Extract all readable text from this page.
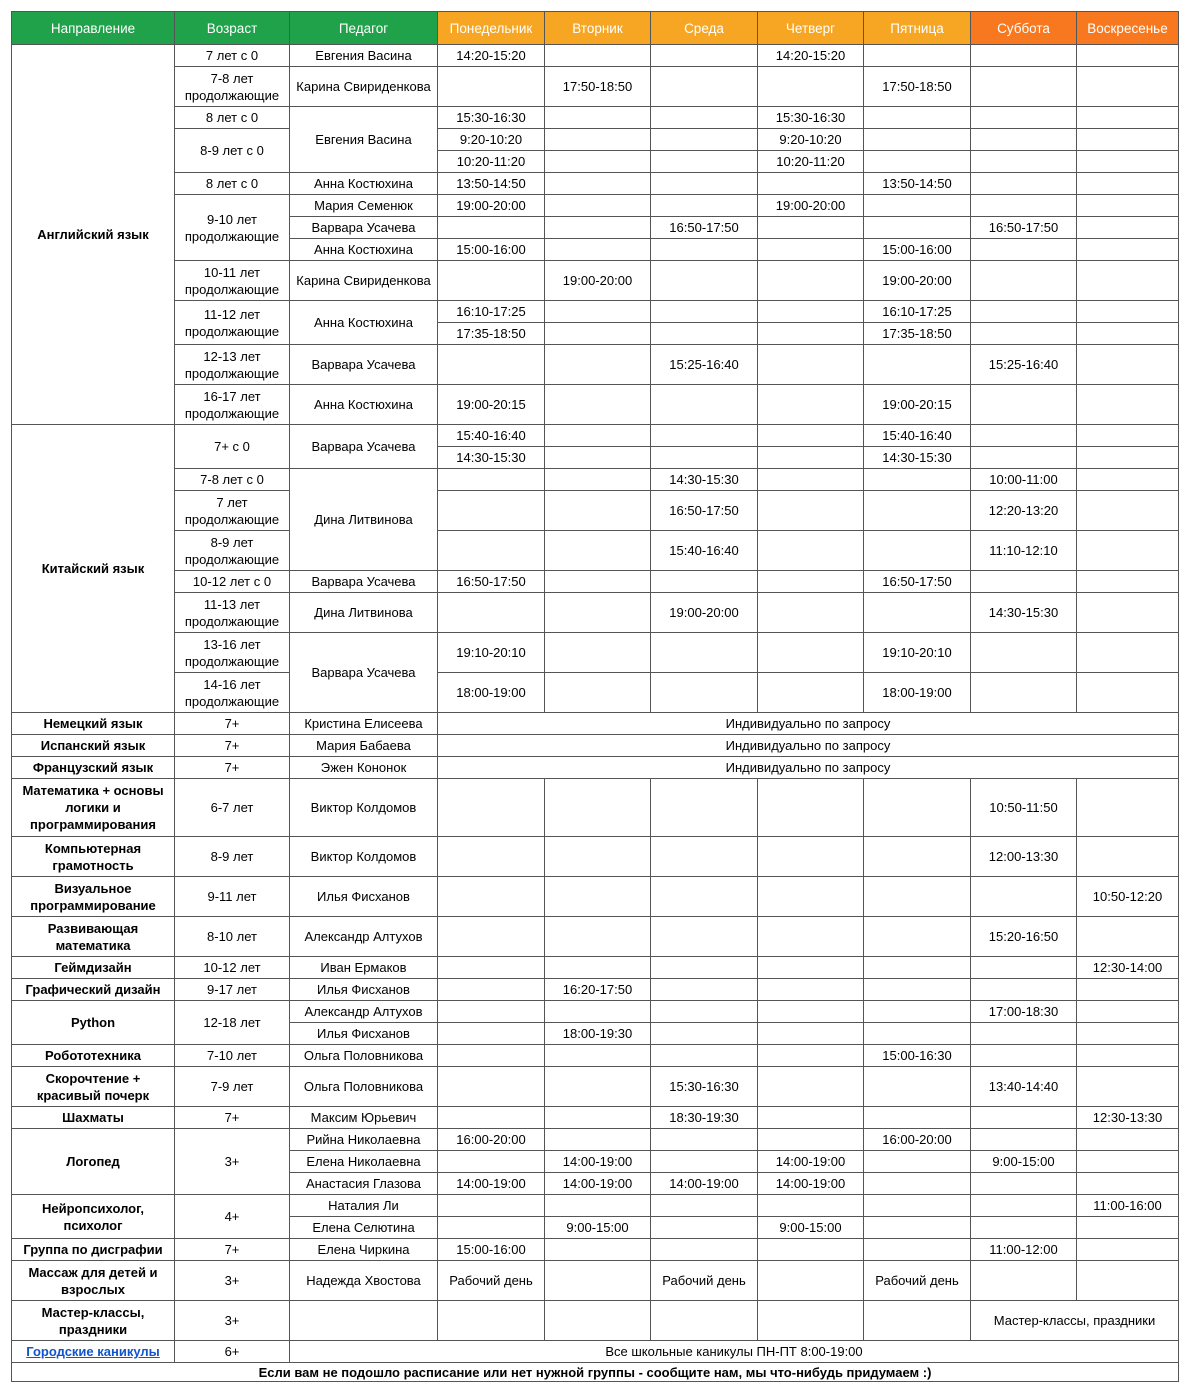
Направление	Возраст	Педагог	Понедельник	Вторник	Среда	Четверг	Пятница	Суббота	Воскресенье
Английский язык	7 лет с 0	Евгения Васина	14:20-15:20			14:20-15:20			
	7-8 лет продолжающие	Карина Свириденкова		17:50-18:50			17:50-18:50		
	8 лет с 0	Евгения Васина	15:30-16:30			15:30-16:30			
	8-9 лет с 0		9:20-10:20			9:20-10:20			
			10:20-11:20			10:20-11:20			
	8 лет с 0	Анна Костюхина	13:50-14:50				13:50-14:50		
	9-10 лет продолжающие	Мария Семенюк	19:00-20:00			19:00-20:00			
		Варвара Усачева			16:50-17:50			16:50-17:50	
		Анна Костюхина	15:00-16:00				15:00-16:00		
	10-11 лет продолжающие	Карина Свириденкова		19:00-20:00			19:00-20:00		
	11-12 лет продолжающие	Анна Костюхина	16:10-17:25				16:10-17:25		
			17:35-18:50				17:35-18:50		
	12-13 лет продолжающие	Варвара Усачева			15:25-16:40			15:25-16:40	
	16-17 лет продолжающие	Анна Костюхина	19:00-20:15				19:00-20:15		
Китайский язык	7+ с 0	Варвара Усачева	15:40-16:40				15:40-16:40		
			14:30-15:30				14:30-15:30		
	7-8 лет с 0	Дина Литвинова			14:30-15:30			10:00-11:00	
	7 лет продолжающие				16:50-17:50			12:20-13:20	
	8-9 лет продолжающие				15:40-16:40			11:10-12:10	
	10-12 лет с 0	Варвара Усачева	16:50-17:50				16:50-17:50		
	11-13 лет продолжающие	Дина Литвинова			19:00-20:00			14:30-15:30	
	13-16 лет продолжающие	Варвара Усачева	19:10-20:10				19:10-20:10		
	14-16 лет продолжающие		18:00-19:00				18:00-19:00		
Немецкий язык	7+	Кристина Елисеева	Индивидуально по запросу						
Испанский язык	7+	Мария Бабаева	Индивидуально по запросу						
Французский язык	7+	Эжен Кононок	Индивидуально по запросу						
Математика + основы логики и программирования	6-7 лет	Виктор Колдомов						10:50-11:50	
Компьютерная грамотность	8-9 лет	Виктор Колдомов						12:00-13:30	
Визуальное программирование	9-11 лет	Илья Фисханов							10:50-12:20
Развивающая математика	8-10 лет	Александр Алтухов						15:20-16:50	
Геймдизайн	10-12 лет	Иван Ермаков							12:30-14:00
Графический дизайн	9-17 лет	Илья Фисханов		16:20-17:50					
Python	12-18 лет	Александр Алтухов						17:00-18:30	
		Илья Фисханов		18:00-19:30					
Робототехника	7-10 лет	Ольга Половникова					15:00-16:30		
Скорочтение + красивый почерк	7-9 лет	Ольга Половникова			15:30-16:30			13:40-14:40	
Шахматы	7+	Максим Юрьевич			18:30-19:30				12:30-13:30
Логопед	3+	Рийна Николаевна	16:00-20:00				16:00-20:00		
		Елена Николаевна		14:00-19:00		14:00-19:00		9:00-15:00	
		Анастасия Глазова	14:00-19:00	14:00-19:00	14:00-19:00	14:00-19:00			
Нейропсихолог, психолог	4+	Наталия Ли							11:00-16:00
		Елена Селютина		9:00-15:00		9:00-15:00			
Группа по дисграфии	7+	Елена Чиркина	15:00-16:00					11:00-12:00	
Массаж для детей и взрослых	3+	Надежда Хвостова	Рабочий день		Рабочий день		Рабочий день		
Мастер-классы, праздники	3+							Мастер-классы, праздники	
Городские каникулы	6+	Все школьные каникулы ПН-ПТ 8:00-19:00							
Если вам не подошло расписание или нет нужной группы - сообщите нам, мы что-нибудь придумаем :)									
